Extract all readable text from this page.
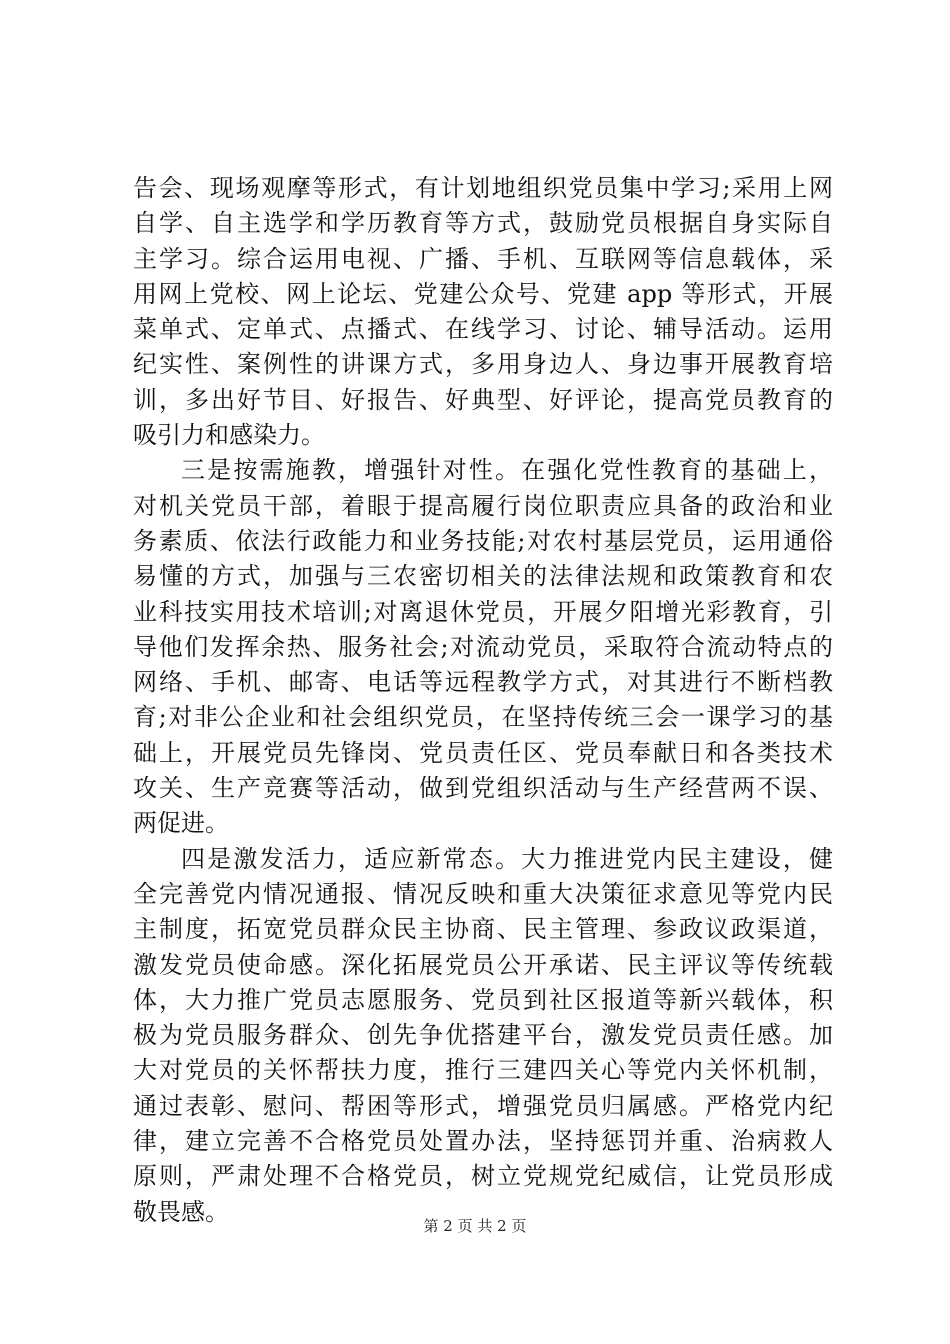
告会、现场观摩等形式，有计划地组织党员集中学习;采用上网
自学、自主选学和学历教育等方式，鼓励党员根据自身实际自
主学习。综合运用电视、广播、手机、互联网等信息载体，采
用网上党校、网上论坛、党建公众号、党建 app 等形式，开展
菜单式、定单式、点播式、在线学习、讨论、辅导活动。运用
纪实性、案例性的讲课方式，多用身边人、身边事开展教育培
训，多出好节目、好报告、好典型、好评论，提高党员教育的
吸引力和感染力。
三是按需施教，增强针对性。在强化党性教育的基础上，
对机关党员干部，着眼于提高履行岗位职责应具备的政治和业
务素质、依法行政能力和业务技能;对农村基层党员，运用通俗
易懂的方式，加强与三农密切相关的法律法规和政策教育和农
业科技实用技术培训;对离退休党员，开展夕阳增光彩教育，引
导他们发挥余热、服务社会;对流动党员，采取符合流动特点的
网络、手机、邮寄、电话等远程教学方式，对其进行不断档教
育;对非公企业和社会组织党员，在坚持传统三会一课学习的基
础上，开展党员先锋岗、党员责任区、党员奉献日和各类技术
攻关、生产竞赛等活动，做到党组织活动与生产经营两不误、
两促进。
四是激发活力，适应新常态。大力推进党内民主建设，健
全完善党内情况通报、情况反映和重大决策征求意见等党内民
主制度，拓宽党员群众民主协商、民主管理、参政议政渠道，
激发党员使命感。深化拓展党员公开承诺、民主评议等传统载
体，大力推广党员志愿服务、党员到社区报道等新兴载体，积
极为党员服务群众、创先争优搭建平台，激发党员责任感。加
大对党员的关怀帮扶力度，推行三建四关心等党内关怀机制，
通过表彰、慰问、帮困等形式，增强党员归属感。严格党内纪
律，建立完善不合格党员处置办法，坚持惩罚并重、治病救人
原则，严肃处理不合格党员，树立党规党纪威信，让党员形成
敬畏感。
第 2 页 共 2 页
